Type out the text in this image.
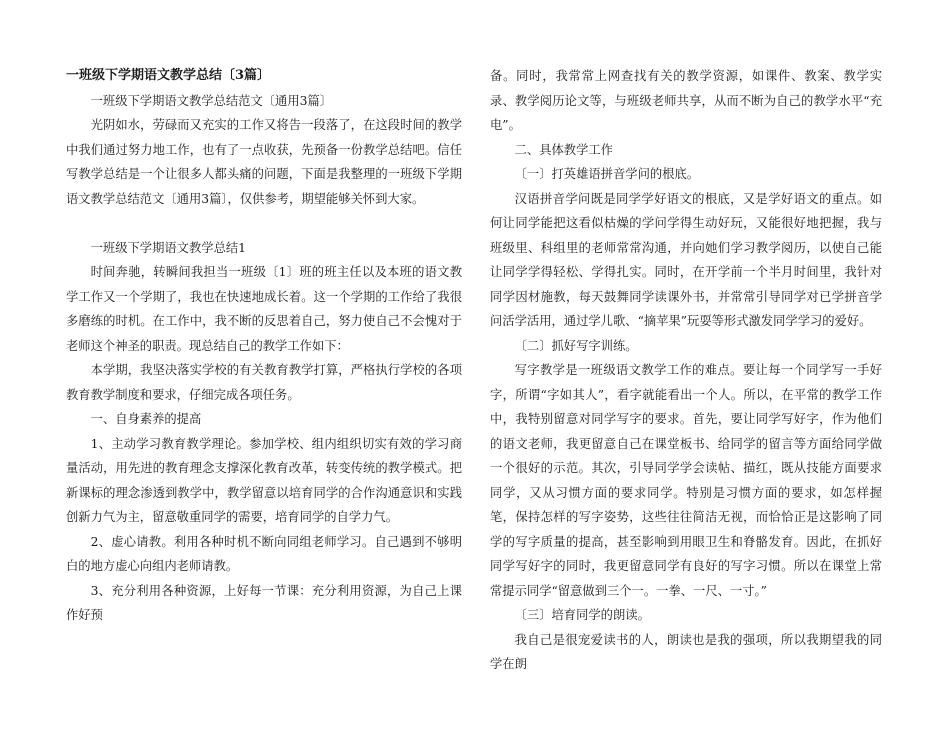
一班级下学期语文教学总结〔3篇〕

一班级下学期语文教学总结范文〔通用3篇〕

光阴如水，劳碌而又充实的工作又将告一段落了，在这段时间的教学中我们通过努力地工作，也有了一点收获，先预备一份教学总结吧。信任写教学总结是一个让很多人都头痛的问题，下面是我整理的一班级下学期语文教学总结范文〔通用3篇〕，仅供参考，期望能够关怀到大家。

一班级下学期语文教学总结1

时间奔驰，转瞬间我担当一班级〔1〕班的班主任以及本班的语文教学工作又一个学期了，我也在快速地成长着。这一个学期的工作给了我很多磨练的时机。在工作中，我不断的反思着自己，努力使自己不会愧对于老师这个神圣的职责。现总结自己的教学工作如下：

本学期，我坚决落实学校的有关教育教学打算，严格执行学校的各项教育教学制度和要求，仔细完成各项任务。

一、自身素养的提高

1、主动学习教育教学理论。参加学校、组内组织切实有效的学习商量活动，用先进的教育理念支撑深化教育改革，转变传统的教学模式。把新课标的理念渗透到教学中，教学留意以培育同学的合作沟通意识和实践创新力气为主，留意敬重同学的需要，培育同学的自学力气。

2、虚心请教。利用各种时机不断向同组老师学习。自己遇到不够明白的地方虚心向组内老师请教。

3、充分利用各种资源，上好每一节课：充分利用资源，为自己上课作好预

备。同时，我常常上网查找有关的教学资源，如课件、教案、教学实录、教学阅历论文等，与班级老师共享，从而不断为自己的教学水平“充电”。

二、具体教学工作

〔一〕打英雄语拼音学问的根底。

汉语拼音学问既是同学学好语文的根底，又是学好语文的重点。如何让同学能把这看似枯燥的学问学得生动好玩，又能很好地把握，我与班级里、科组里的老师常常沟通，并向她们学习教学阅历，以使自己能让同学学得轻松、学得扎实。同时，在开学前一个半月时间里，我针对同学因材施教，每天鼓舞同学读课外书，并常常引导同学对已学拼音学问活学活用，通过学儿歌、“摘苹果”玩耍等形式激发同学学习的爱好。

〔二〕抓好写字训练。

写字教学是一班级语文教学工作的难点。要让每一个同学写一手好字，所谓“字如其人”，看字就能看出一个人。所以，在平常的教学工作中，我特别留意对同学写字的要求。首先，要让同学写好字，作为他们的语文老师，我更留意自己在课堂板书、给同学的留言等方面给同学做一个很好的示范。其次，引导同学学会读帖、描红，既从技能方面要求同学，又从习惯方面的要求同学。特别是习惯方面的要求，如怎样握笔，保持怎样的写字姿势，这些往往简洁无视，而恰恰正是这影响了同学的写字质量的提高，甚至影响到用眼卫生和脊骼发育。因此，在抓好同学写好字的同时，我更留意同学有良好的写字习惯。所以在课堂上常常提示同学“留意做到三个一。一拳、一尺、一寸。”

〔三〕培育同学的朗读。

我自己是很宠爱读书的人，朗读也是我的强项，所以我期望我的同学在朗
